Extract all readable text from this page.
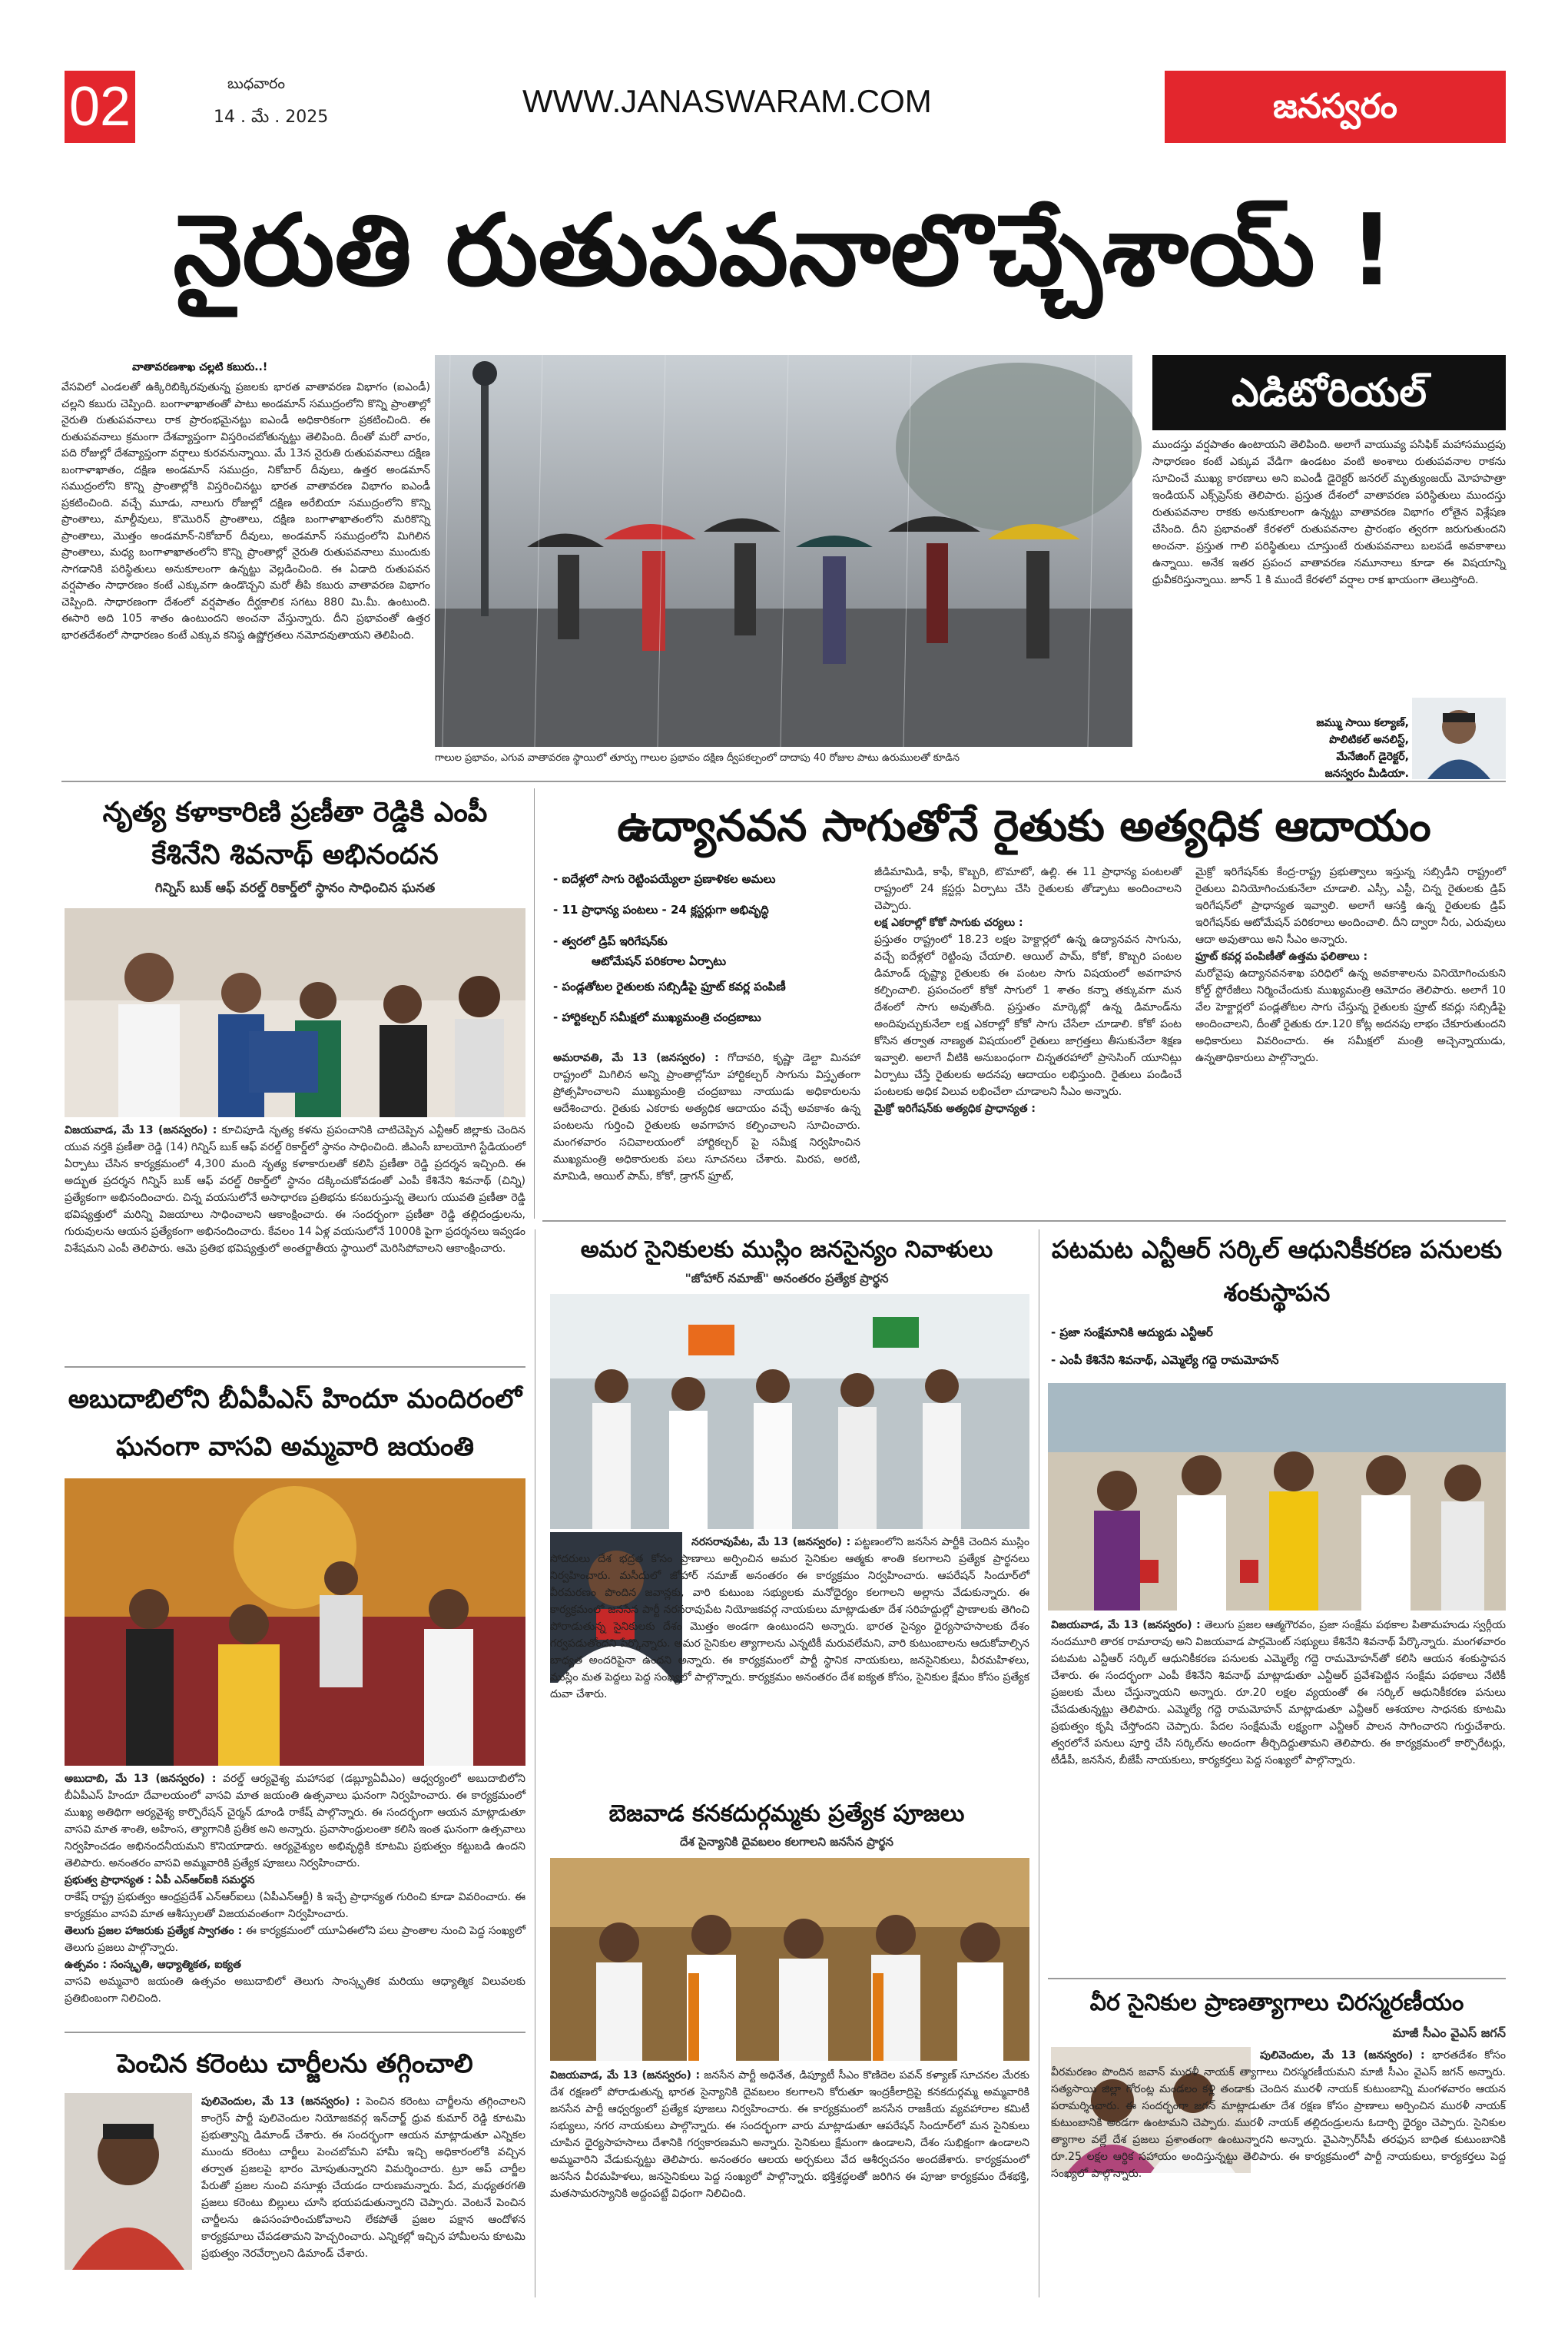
02	బుధవారం
14 . మే . 2025	WWW.JANASWARAM.COM	జనస్వరం
నైరుతి రుతుపవనాలొచ్చేశాయ్ !
వాతావరణశాఖ చల్లటి కబురు..!
వేసవిలో ఎండలతో ఉక్కిరిబిక్కిరవుతున్న ప్రజలకు భారత వాతావరణ విభాగం (ఐఎండీ) చల్లని కబురు చెప్పింది. బంగాళాఖాతంతో పాటు అండమాన్ సముద్రంలోని కొన్ని ప్రాంతాల్లో నైరుతి రుతుపవనాలు రాక ప్రారంభమైనట్టు ఐఎండీ అధికారికంగా ప్రకటించింది. ఈ రుతుపవనాలు క్రమంగా దేశవ్యాప్తంగా విస్తరించబోతున్నట్టు తెలిపింది. దీంతో మరో వారం, పది రోజుల్లో దేశవ్యాప్తంగా వర్షాలు కురవనున్నాయి. మే 13న నైరుతి రుతుపవనాలు దక్షిణ బంగాళాఖాతం, దక్షిణ అండమాన్ సముద్రం, నికోబార్ దీవులు, ఉత్తర అండమాన్ సముద్రంలోని కొన్ని ప్రాంతాల్లోకి విస్తరించినట్టు భారత వాతావరణ విభాగం ఐఎండీ ప్రకటించింది. వచ్చే మూడు, నాలుగు రోజుల్లో దక్షిణ అరేబియా సముద్రంలోని కొన్ని ప్రాంతాలు, మాల్దీవులు, కొమొరిన్ ప్రాంతాలు, దక్షిణ బంగాళాఖాతంలోని మరికొన్ని ప్రాంతాలు, మొత్తం అండమాన్-నికోబార్ దీవులు, అండమాన్ సముద్రంలోని మిగిలిన ప్రాంతాలు, మధ్య బంగాళాఖాతంలోని కొన్ని ప్రాంతాల్లో నైరుతి రుతుపవనాలు ముందుకు సాగడానికి పరిస్థితులు అనుకూలంగా ఉన్నట్టు వెల్లడించింది. ఈ ఏడాది రుతుపవన వర్షపాతం సాధారణం కంటే ఎక్కువగా ఉండొచ్చని మరో తీపి కబురు వాతావరణ విభాగం చెప్పింది. సాధారణంగా దేశంలో వర్షపాతం దీర్ఘకాలిక సగటు 880 మి.మీ. ఉంటుంది. ఈసారి అది 105 శాతం ఉంటుందని అంచనా వేస్తున్నారు. దీని ప్రభావంతో ఉత్తర భారతదేశంలో సాధారణం కంటే ఎక్కువ కనిష్ఠ ఉష్ణోగ్రతలు నమోదవుతాయని తెలిపింది.
గాలుల ప్రభావం, ఎగువ వాతావరణ స్థాయిలో తూర్పు గాలుల ప్రభావం దక్షిణ ద్వీపకల్పంలో దాదాపు 40 రోజుల పాటు ఉరుములతో కూడిన
ఎడిటోరియల్
ముందస్తు వర్షపాతం ఉంటాయని తెలిపింది. అలాగే వాయువ్య పసిఫిక్ మహాసముద్రపు సాధారణం కంటే ఎక్కువ వేడిగా ఉండటం వంటి అంశాలు రుతుపవనాల రాకను సూచించే ముఖ్య కారణాలు అని ఐఎండీ డైరెక్టర్ జనరల్ మృత్యుంజయ్ మోహపాత్రా ఇండియన్ ఎక్స్‌ప్రెస్‌కు తెలిపారు. ప్రస్తుత దేశంలో వాతావరణ పరిస్థితులు ముందస్తు రుతుపవనాల రాకకు అనుకూలంగా ఉన్నట్టు వాతావరణ విభాగం లోతైన విశ్లేషణ చేసింది. దీని ప్రభావంతో కేరళలో రుతుపవనాల ప్రారంభం త్వరగా జరుగుతుందని అంచనా. ప్రస్తుత గాలి పరిస్థితులు చూస్తుంటే రుతుపవనాలు బలపడే అవకాశాలు ఉన్నాయి. అనేక ఇతర ప్రపంచ వాతావరణ నమూనాలు కూడా ఈ విషయాన్ని ధ్రువీకరిస్తున్నాయి. జూన్ 1 కి ముందే కేరళలో వర్షాల రాక ఖాయంగా తెలుస్తోంది.
జమ్ము సాయి కల్యాణ్,
పొలిటికల్ అనలిస్ట్,
మేనేజింగ్ డైరెక్టర్,
జనస్వరం మీడియా.
నృత్య కళాకారిణి ప్రణీతా రెడ్డికి ఎంపీ కేశినేని శివనాథ్ అభినందన
గిన్నిస్ బుక్ ఆఫ్ వరల్డ్ రికార్డ్‌లో స్థానం సాధించిన ఘనత
విజయవాడ, మే 13 (జనస్వరం) : కూచిపూడి నృత్య కళను ప్రపంచానికి చాటిచెప్పిన ఎన్టీఆర్ జిల్లాకు చెందిన యువ నర్తకి ప్రణీతా రెడ్డి (14) గిన్నిస్ బుక్ ఆఫ్ వరల్డ్ రికార్డ్‌లో స్థానం సాధించింది. జీఎంసీ బాలయోగి స్టేడియంలో ఏర్పాటు చేసిన కార్యక్రమంలో 4,300 మంది నృత్య కళాకారులతో కలిసి ప్రణీతా రెడ్డి ప్రదర్శన ఇచ్చింది. ఈ అద్భుత ప్రదర్శన గిన్నిస్ బుక్ ఆఫ్ వరల్డ్ రికార్డ్‌లో స్థానం దక్కించుకోవడంతో ఎంపీ కేశినేని శివనాథ్ (చిన్ని) ప్రత్యేకంగా అభినందించారు. చిన్న వయసులోనే అసాధారణ ప్రతిభను కనబరుస్తున్న తెలుగు యువతి ప్రణీతా రెడ్డి భవిష్యత్తులో మరిన్ని విజయాలు సాధించాలని ఆకాంక్షించారు. ఈ సందర్భంగా ప్రణీతా రెడ్డి తల్లిదండ్రులను, గురువులను ఆయన ప్రత్యేకంగా అభినందించారు. కేవలం 14 ఏళ్ల వయసులోనే 1000కి పైగా ప్రదర్శనలు ఇవ్వడం విశేషమని ఎంపీ తెలిపారు. ఆమె ప్రతిభ భవిష్యత్తులో అంతర్జాతీయ స్థాయిలో మెరిసిపోవాలని ఆకాంక్షించారు.
ఉద్యానవన సాగుతోనే రైతుకు అత్యధిక ఆదాయం
- ఐదేళ్లలో సాగు రెట్టింపయ్యేలా ప్రణాళికల అమలు
- 11 ప్రాధాన్య పంటలు - 24 క్లస్టర్లుగా అభివృద్ధి
- త్వరలో డ్రిప్ ఇరిగేషన్‌కు
ఆటోమేషన్ పరికరాల ఏర్పాటు
- పండ్లతోటల రైతులకు సబ్సిడీపై ఫ్రూట్ కవర్ల పంపిణీ
- హార్టికల్చర్ సమీక్షలో ముఖ్యమంత్రి చంద్రబాబు
అమరావతి, మే 13 (జనస్వరం) : గోదావరి, కృష్ణా డెల్టా మినహా రాష్ట్రంలో మిగిలిన అన్ని ప్రాంతాల్లోనూ హార్టికల్చర్ సాగును విస్తృతంగా ప్రోత్సహించాలని ముఖ్యమంత్రి చంద్రబాబు నాయుడు అధికారులను ఆదేశించారు. రైతుకు ఎకరాకు అత్యధిక ఆదాయం వచ్చే అవకాశం ఉన్న పంటలను గుర్తించి రైతులకు అవగాహన కల్పించాలని సూచించారు. మంగళవారం సచివాలయంలో హార్టికల్చర్ పై సమీక్ష నిర్వహించిన ముఖ్యమంత్రి అధికారులకు పలు సూచనలు చేశారు. మిరప, అరటి, మామిడి, ఆయిల్ పామ్, కోకో, డ్రాగన్ ఫ్రూట్,
జీడిమామిడి, కాఫీ, కొబ్బరి, టొమాటో, ఉల్లి. ఈ 11 ప్రాధాన్య పంటలతో రాష్ట్రంలో 24 క్లస్టర్లు ఏర్పాటు చేసి రైతులకు తోడ్పాటు అందించాలని చెప్పారు.
లక్ష ఎకరాల్లో కోకో సాగుకు చర్యలు :
ప్రస్తుతం రాష్ట్రంలో 18.23 లక్షల హెక్టార్లలో ఉన్న ఉద్యానవన సాగును, వచ్చే ఐదేళ్లలో రెట్టింపు చేయాలి. ఆయిల్ పామ్, కోకో, కొబ్బరి పంటల డిమాండ్ దృష్ట్యా రైతులకు ఈ పంటల సాగు విషయంలో అవగాహన కల్పించాలి. ప్రపంచంలో కోకో సాగులో 1 శాతం కన్నా తక్కువగా మన దేశంలో సాగు అవుతోంది. ప్రస్తుతం మార్కెట్లో ఉన్న డిమాండ్‌ను అందిపుచ్చుకునేలా లక్ష ఎకరాల్లో కోకో సాగు చేసేలా చూడాలి. కోకో పంట కోసిన తర్వాత నాణ్యత విషయంలో రైతులు జాగ్రత్తలు తీసుకునేలా శిక్షణ ఇవ్వాలి. అలాగే వీటికి అనుబంధంగా చిన్నతరహాలో ప్రాసెసింగ్ యూనిట్లు ఏర్పాటు చేస్తే రైతులకు అదనపు ఆదాయం లభిస్తుంది. రైతులు పండించే పంటలకు అధిక విలువ లభించేలా చూడాలని సీఎం అన్నారు.
మైక్రో ఇరిగేషన్‌కు అత్యధిక ప్రాధాన్యత :
మైక్రో ఇరిగేషన్‌కు కేంద్ర-రాష్ట్ర ప్రభుత్వాలు ఇస్తున్న సబ్సిడీని రాష్ట్రంలో రైతులు వినియోగించుకునేలా చూడాలి. ఎస్సీ, ఎస్టీ, చిన్న రైతులకు డ్రిప్ ఇరిగేషన్‌లో ప్రాధాన్యత ఇవ్వాలి. అలాగే ఆసక్తి ఉన్న రైతులకు డ్రిప్ ఇరిగేషన్‌కు ఆటోమేషన్ పరికరాలు అందించాలి. దీని ద్వారా నీరు, ఎరువులు ఆదా అవుతాయి అని సీఎం అన్నారు.
ఫ్రూట్ కవర్ల పంపిణీతో ఉత్తమ ఫలితాలు :
మరోవైపు ఉద్యానవనశాఖ పరిధిలో ఉన్న అవకాశాలను వినియోగించుకుని కోల్డ్ స్టోరేజీలు నిర్మించేందుకు ముఖ్యమంత్రి ఆమోదం తెలిపారు. అలాగే 10 వేల హెక్టార్లలో పండ్లతోటల సాగు చేస్తున్న రైతులకు ఫ్రూట్ కవర్లు సబ్సిడీపై అందించాలని, దీంతో రైతుకు రూ.120 కోట్ల అదనపు లాభం చేకూరుతుందని అధికారులు వివరించారు. ఈ సమీక్షలో మంత్రి అచ్చెన్నాయుడు, ఉన్నతాధికారులు పాల్గొన్నారు.
అబుదాబిలోని బీఏపీఎస్ హిందూ మందిరంలో ఘనంగా వాసవి అమ్మవారి జయంతి
అబుదాబి, మే 13 (జనస్వరం) : వరల్డ్ ఆర్యవైశ్య మహాసభ (డబ్ల్యూఏవీఎం) ఆధ్వర్యంలో అబుదాబిలోని బీఏపీఎస్ హిందూ దేవాలయంలో వాసవి మాత జయంతి ఉత్సవాలు ఘనంగా నిర్వహించారు. ఈ కార్యక్రమంలో ముఖ్య అతిథిగా ఆర్యవైశ్య కార్పొరేషన్ చైర్మన్ డూండి రాకేష్ పాల్గొన్నారు. ఈ సందర్భంగా ఆయన మాట్లాడుతూ వాసవి మాత శాంతి, అహింస, త్యాగానికి ప్రతీక అని అన్నారు. ప్రవాసాంధ్రులంతా కలిసి ఇంత ఘనంగా ఉత్సవాలు నిర్వహించడం అభినందనీయమని కొనియాడారు. ఆర్యవైశ్యుల అభివృద్ధికి కూటమి ప్రభుత్వం కట్టుబడి ఉందని తెలిపారు. అనంతరం వాసవి అమ్మవారికి ప్రత్యేక పూజలు నిర్వహించారు.
ప్రభుత్వ ప్రాధాన్యత : ఏపీ ఎన్ఆర్ఐకి సమర్థన
రాకేష్ రాష్ట్ర ప్రభుత్వం ఆంధ్రప్రదేశ్ ఎన్ఆర్ఐలు (ఏపీఎన్ఆర్టీ) కి ఇచ్చే ప్రాధాన్యత గురించి కూడా వివరించారు. ఈ కార్యక్రమం వాసవి మాత ఆశీస్సులతో విజయవంతంగా నిర్వహించారు.
తెలుగు ప్రజల హాజరుకు ప్రత్యేక స్వాగతం : ఈ కార్యక్రమంలో యూఏఈలోని పలు ప్రాంతాల నుంచి పెద్ద సంఖ్యలో తెలుగు ప్రజలు పాల్గొన్నారు.
ఉత్సవం : సంస్కృతి, ఆధ్యాత్మికత, ఐక్యత
వాసవి అమ్మవారి జయంతి ఉత్సవం అబుదాబిలో తెలుగు సాంస్కృతిక మరియు ఆధ్యాత్మిక విలువలకు ప్రతిబింబంగా నిలిచింది.
పెంచిన కరెంటు చార్జీలను తగ్గించాలి
పులివెందుల, మే 13 (జనస్వరం) : పెంచిన కరెంటు చార్జీలను తగ్గించాలని కాంగ్రెస్ పార్టీ పులివెందుల నియోజకవర్గ ఇన్‌చార్జ్ ధ్రువ కుమార్ రెడ్డి కూటమి ప్రభుత్వాన్ని డిమాండ్ చేశారు. ఈ సందర్భంగా ఆయన మాట్లాడుతూ ఎన్నికల ముందు కరెంటు చార్జీలు పెంచబోమని హామీ ఇచ్చి అధికారంలోకి వచ్చిన తర్వాత ప్రజలపై భారం మోపుతున్నారని విమర్శించారు. ట్రూ అప్ చార్జీల పేరుతో ప్రజల నుంచి వసూళ్లు చేయడం దారుణమన్నారు. పేద, మధ్యతరగతి ప్రజలు కరెంటు బిల్లులు చూసి భయపడుతున్నారని చెప్పారు. వెంటనే పెంచిన చార్జీలను ఉపసంహరించుకోవాలని లేకపోతే ప్రజల పక్షాన ఆందోళన కార్యక్రమాలు చేపడతామని హెచ్చరించారు. ఎన్నికల్లో ఇచ్చిన హామీలను కూటమి ప్రభుత్వం నెరవేర్చాలని డిమాండ్ చేశారు.
అమర సైనికులకు ముస్లిం జనసైన్యం నివాళులు
"జోహార్ నమాజ్" అనంతరం ప్రత్యేక ప్రార్థన
నరసరావుపేట, మే 13 (జనస్వరం) : పట్టణంలోని జనసేన పార్టీకి చెందిన ముస్లిం సోదరులు దేశ భద్రత కోసం ప్రాణాలు అర్పించిన అమర సైనికుల ఆత్మకు శాంతి కలగాలని ప్రత్యేక ప్రార్థనలు నిర్వహించారు. మసీదులో జోహార్ నమాజ్ అనంతరం ఈ కార్యక్రమం నిర్వహించారు. ఆపరేషన్ సిందూర్‌లో వీరమరణం పొందిన జవాన్లకు, వారి కుటుంబ సభ్యులకు మనోధైర్యం కలగాలని అల్లాను వేడుకున్నారు. ఈ కార్యక్రమంలో జనసేన పార్టీ నరసరావుపేట నియోజకవర్గ నాయకులు మాట్లాడుతూ దేశ సరిహద్దుల్లో ప్రాణాలకు తెగించి పోరాడుతున్న సైనికులకు దేశం మొత్తం అండగా ఉంటుందని అన్నారు. భారత సైన్యం ధైర్యసాహసాలకు దేశం గర్వపడుతోందని పేర్కొన్నారు. అమర సైనికుల త్యాగాలను ఎన్నటికీ మరువలేమని, వారి కుటుంబాలను ఆదుకోవాల్సిన బాధ్యత అందరిపైనా ఉందని అన్నారు. ఈ కార్యక్రమంలో పార్టీ స్థానిక నాయకులు, జనసైనికులు, వీరమహిళలు, ముస్లిం మత పెద్దలు పెద్ద సంఖ్యలో పాల్గొన్నారు. కార్యక్రమం అనంతరం దేశ ఐక్యత కోసం, సైనికుల క్షేమం కోసం ప్రత్యేక దువా చేశారు.
బెజవాడ కనకదుర్గమ్మకు ప్రత్యేక పూజలు
దేశ సైన్యానికి దైవబలం కలగాలని జనసేన ప్రార్థన
విజయవాడ, మే 13 (జనస్వరం) : జనసేన పార్టీ అధినేత, డిప్యూటీ సీఎం కొణిదెల పవన్ కళ్యాణ్ సూచనల మేరకు దేశ రక్షణలో పోరాడుతున్న భారత సైన్యానికి దైవబలం కలగాలని కోరుతూ ఇంద్రకీలాద్రిపై కనకదుర్గమ్మ అమ్మవారికి జనసేన పార్టీ ఆధ్వర్యంలో ప్రత్యేక పూజలు నిర్వహించారు. ఈ కార్యక్రమంలో జనసేన రాజకీయ వ్యవహారాల కమిటీ సభ్యులు, నగర నాయకులు పాల్గొన్నారు. ఈ సందర్భంగా వారు మాట్లాడుతూ ఆపరేషన్ సిందూర్‌లో మన సైనికులు చూపిన ధైర్యసాహసాలు దేశానికి గర్వకారణమని అన్నారు. సైనికులు క్షేమంగా ఉండాలని, దేశం సుభిక్షంగా ఉండాలని అమ్మవారిని వేడుకున్నట్టు తెలిపారు. అనంతరం ఆలయ అర్చకులు వేద ఆశీర్వచనం అందజేశారు. కార్యక్రమంలో జనసేన వీరమహిళలు, జనసైనికులు పెద్ద సంఖ్యలో పాల్గొన్నారు. భక్తిశ్రద్ధలతో జరిగిన ఈ పూజా కార్యక్రమం దేశభక్తి, మతసామరస్యానికి అద్దంపట్టే విధంగా నిలిచింది.
పటమట ఎన్టీఆర్ సర్కిల్ ఆధునికీకరణ పనులకు శంకుస్థాపన
- ప్రజా సంక్షేమానికి ఆద్యుడు ఎన్టీఆర్
- ఎంపీ కేశినేని శివనాథ్, ఎమ్మెల్యే గద్దె రామమోహన్
విజయవాడ, మే 13 (జనస్వరం) : తెలుగు ప్రజల ఆత్మగౌరవం, ప్రజా సంక్షేమ పథకాల పితామహుడు స్వర్గీయ నందమూరి తారక రామారావు అని విజయవాడ పార్లమెంట్ సభ్యులు కేశినేని శివనాథ్ పేర్కొన్నారు. మంగళవారం పటమట ఎన్టీఆర్ సర్కిల్ ఆధునికీకరణ పనులకు ఎమ్మెల్యే గద్దె రామమోహన్‌తో కలిసి ఆయన శంకుస్థాపన చేశారు. ఈ సందర్భంగా ఎంపీ కేశినేని శివనాథ్ మాట్లాడుతూ ఎన్టీఆర్ ప్రవేశపెట్టిన సంక్షేమ పథకాలు నేటికీ ప్రజలకు మేలు చేస్తున్నాయని అన్నారు. రూ.20 లక్షల వ్యయంతో ఈ సర్కిల్ ఆధునికీకరణ పనులు చేపడుతున్నట్టు తెలిపారు. ఎమ్మెల్యే గద్దె రామమోహన్ మాట్లాడుతూ ఎన్టీఆర్ ఆశయాల సాధనకు కూటమి ప్రభుత్వం కృషి చేస్తోందని చెప్పారు. పేదల సంక్షేమమే లక్ష్యంగా ఎన్టీఆర్ పాలన సాగించారని గుర్తుచేశారు. త్వరలోనే పనులు పూర్తి చేసి సర్కిల్‌ను అందంగా తీర్చిదిద్దుతామని తెలిపారు. ఈ కార్యక్రమంలో కార్పొరేటర్లు, టీడీపీ, జనసేన, బీజేపీ నాయకులు, కార్యకర్తలు పెద్ద సంఖ్యలో పాల్గొన్నారు.
వీర సైనికుల ప్రాణత్యాగాలు చిరస్మరణీయం
మాజీ సీఎం వైఎస్ జగన్
పులివెందుల, మే 13 (జనస్వరం) : భారతదేశం కోసం వీరమరణం పొందిన జవాన్ మురళీ నాయక్ త్యాగాలు చిరస్మరణీయమని మాజీ సీఎం వైఎస్ జగన్ అన్నారు. సత్యసాయి జిల్లా గోరంట్ల మండలం కళ్లి తండాకు చెందిన మురళీ నాయక్ కుటుంబాన్ని మంగళవారం ఆయన పరామర్శించారు. ఈ సందర్భంగా జగన్ మాట్లాడుతూ దేశ రక్షణ కోసం ప్రాణాలు అర్పించిన మురళీ నాయక్ కుటుంబానికి అండగా ఉంటామని చెప్పారు. మురళీ నాయక్ తల్లిదండ్రులను ఓదార్చి ధైర్యం చెప్పారు. సైనికుల త్యాగాల వల్లే దేశ ప్రజలు ప్రశాంతంగా ఉంటున్నారని అన్నారు. వైఎస్సార్‌సీపీ తరఫున బాధిత కుటుంబానికి రూ.25 లక్షల ఆర్థిక సహాయం అందిస్తున్నట్టు తెలిపారు. ఈ కార్యక్రమంలో పార్టీ నాయకులు, కార్యకర్తలు పెద్ద సంఖ్యలో పాల్గొన్నారు.
